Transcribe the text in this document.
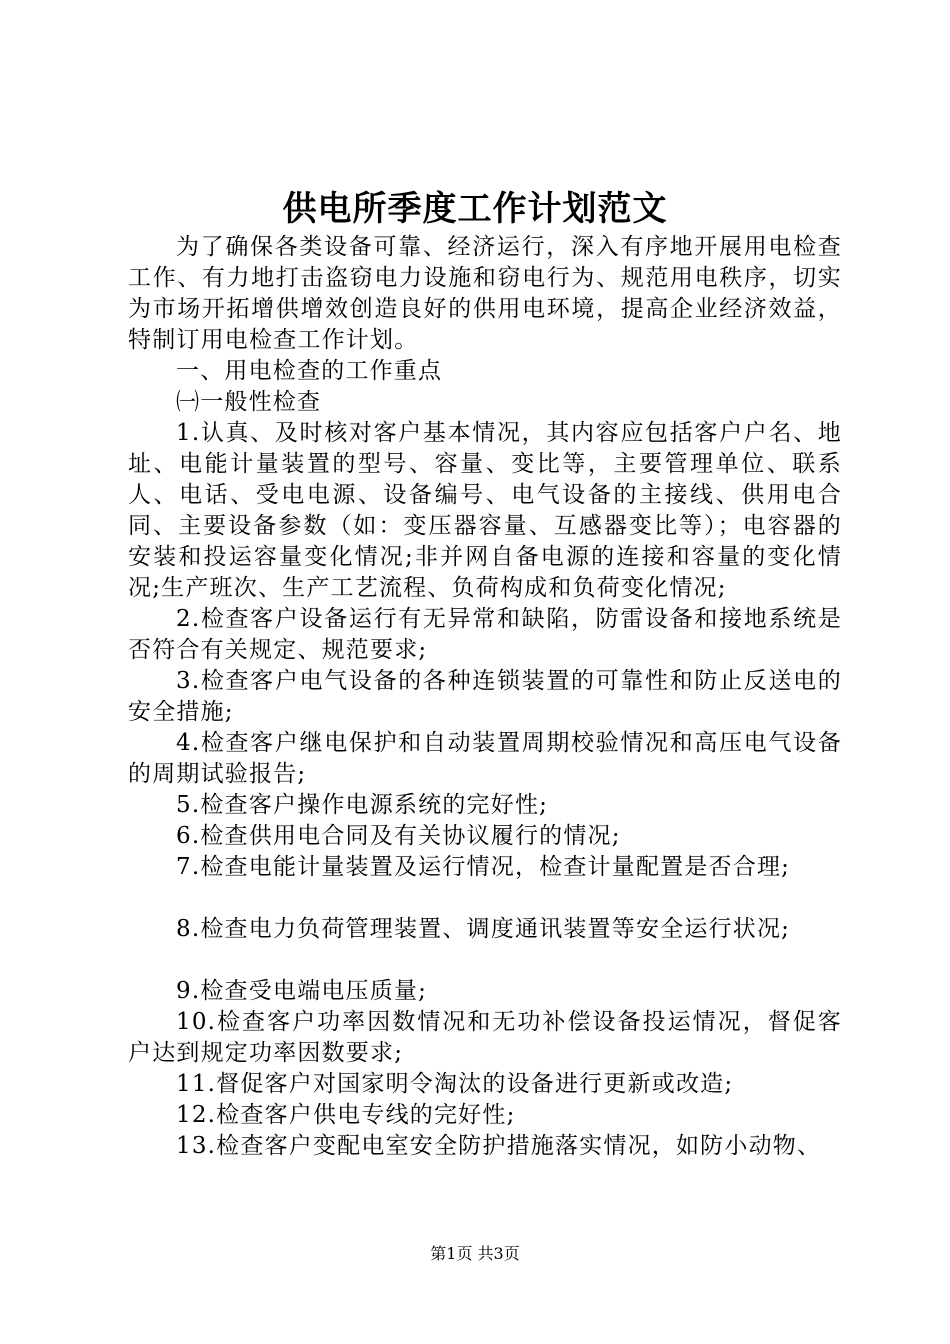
供电所季度工作计划范文

为了确保各类设备可靠、经济运行，深入有序地开展用电检查工作、有力地打击盗窃电力设施和窃电行为、规范用电秩序，切实为市场开拓增供增效创造良好的供用电环境，提高企业经济效益，特制订用电检查工作计划。

一、用电检查的工作重点

㈠一般性检查

1.认真、及时核对客户基本情况，其内容应包括客户户名、地址、电能计量装置的型号、容量、变比等，主要管理单位、联系人、电话、受电电源、设备编号、电气设备的主接线、供用电合同、主要设备参数（如：变压器容量、互感器变比等）；电容器的安装和投运容量变化情况;非并网自备电源的连接和容量的变化情况;生产班次、生产工艺流程、负荷构成和负荷变化情况;

2.检查客户设备运行有无异常和缺陷，防雷设备和接地系统是否符合有关规定、规范要求;

3.检查客户电气设备的各种连锁装置的可靠性和防止反送电的安全措施;

4.检查客户继电保护和自动装置周期校验情况和高压电气设备的周期试验报告;

5.检查客户操作电源系统的完好性;

6.检查供用电合同及有关协议履行的情况;

7.检查电能计量装置及运行情况，检查计量配置是否合理;

8.检查电力负荷管理装置、调度通讯装置等安全运行状况;

9.检查受电端电压质量;

10.检查客户功率因数情况和无功补偿设备投运情况，督促客户达到规定功率因数要求;

11.督促客户对国家明令淘汰的设备进行更新或改造;

12.检查客户供电专线的完好性;

13.检查客户变配电室安全防护措施落实情况，如防小动物、

第1页 共3页
